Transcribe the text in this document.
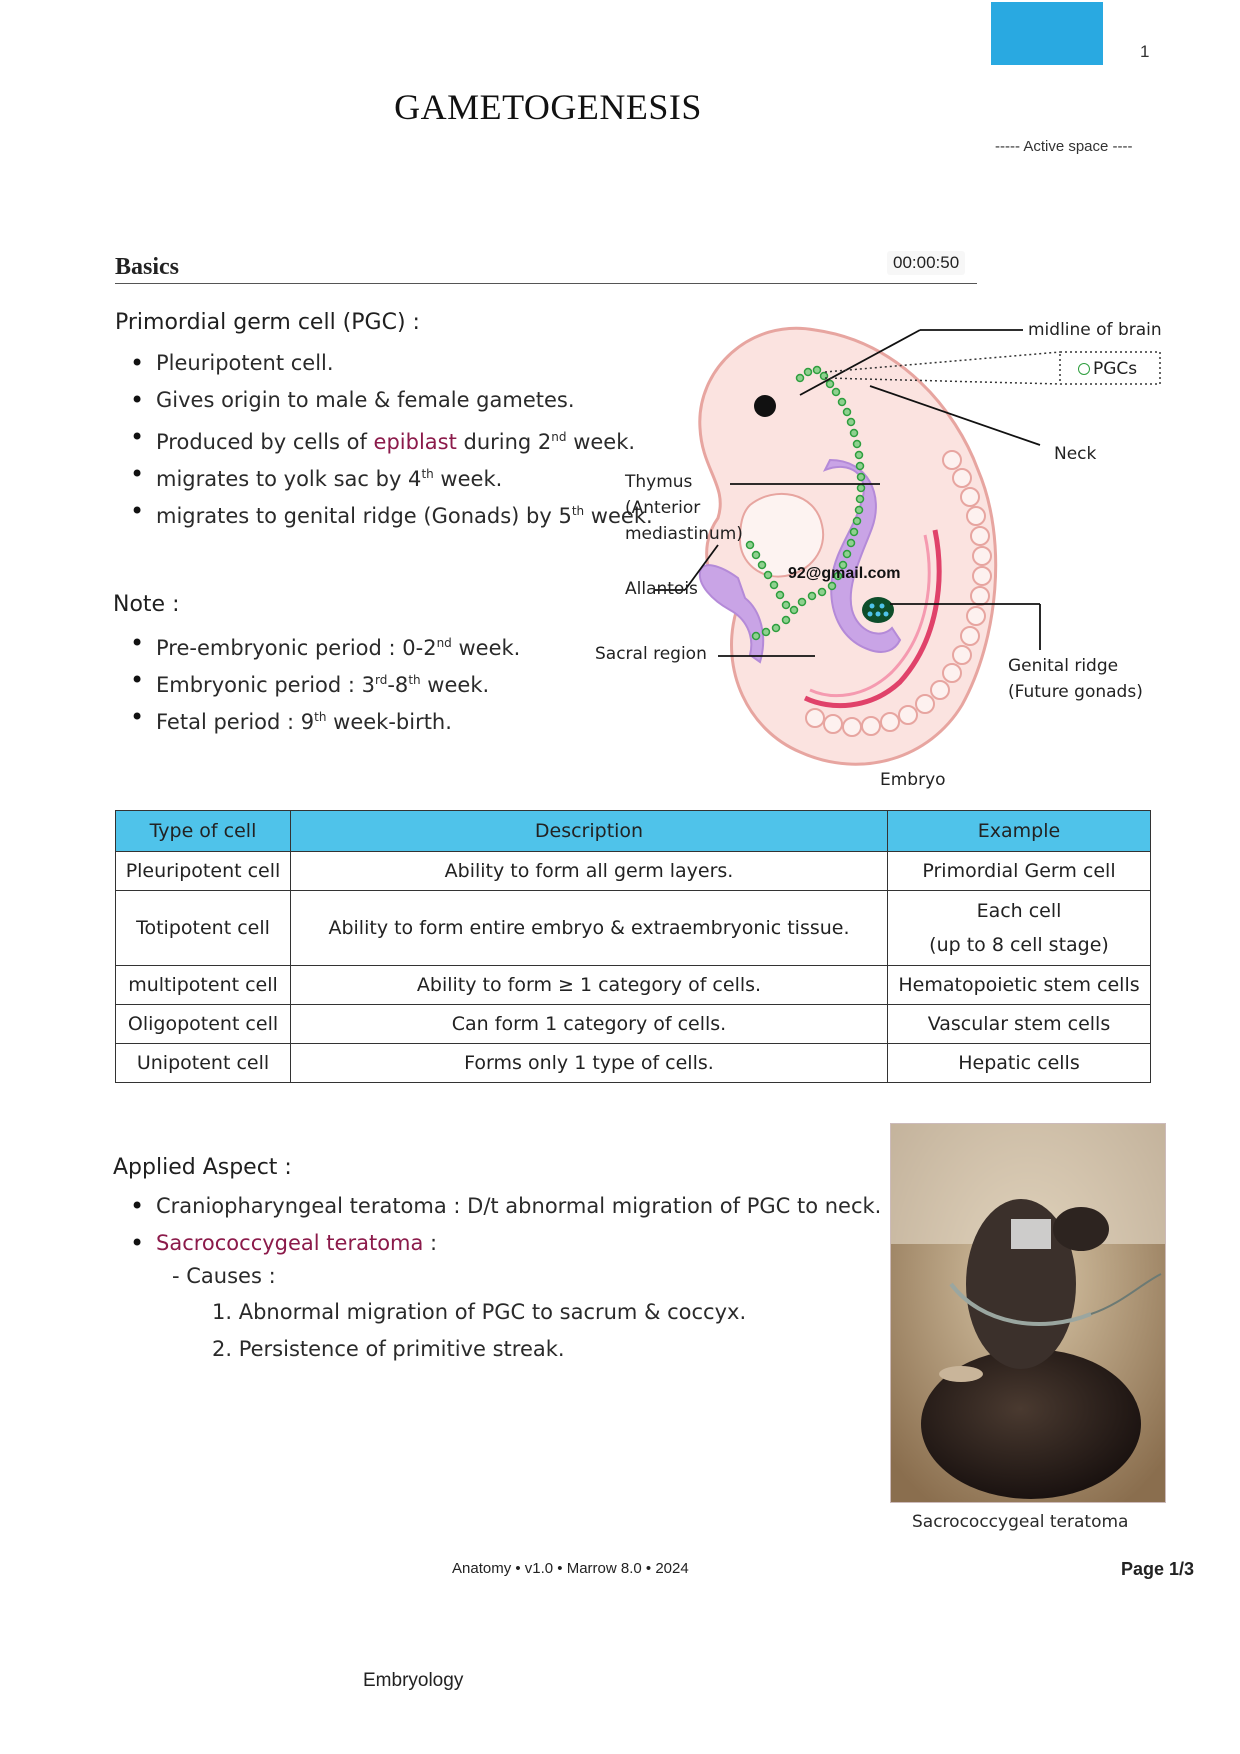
1
GAMETOGENESIS
----- Active space ----
Basics	00:00:50
Primordial germ cell (PGC) :
• Pleuripotent cell.
• Gives origin to male & female gametes.
• Produced by cells of epiblast during 2nd week.
• migrates to yolk sac by 4th week.
• migrates to genital ridge (Gonads) by 5th week.
Note :
• Pre-embryonic period : 0-2nd week.
• Embryonic period : 3rd-8th week.
• Fetal period : 9th week-birth.
midline of brain
PGCs
Neck
Thymus
(Anterior
mediastinum)
92@gmail.com
Allantois
Sacral region
Genital ridge
(Future gonads)
Embryo
Type of cell	Description	Example
Pleuripotent cell	Ability to form all germ layers.	Primordial Germ cell
Totipotent cell	Ability to form entire embryo & extraembryonic tissue.	Each cell
(up to 8 cell stage)

multipotent cell	Ability to form ≥ 1 category of cells.	Hematopoietic stem cells
Oligopotent cell	Can form 1 category of cells.	Vascular stem cells
Unipotent cell	Forms only 1 type of cells.	Hepatic cells
Applied Aspect :
• Craniopharyngeal teratoma : D/t abnormal migration of PGC to neck.
• Sacrococcygeal teratoma :
- Causes :
1. Abnormal migration of PGC to sacrum & coccyx.
2. Persistence of primitive streak.
Sacrococcygeal teratoma
Anatomy • v1.0 • Marrow 8.0 • 2024	Page 1/3
Embryology
